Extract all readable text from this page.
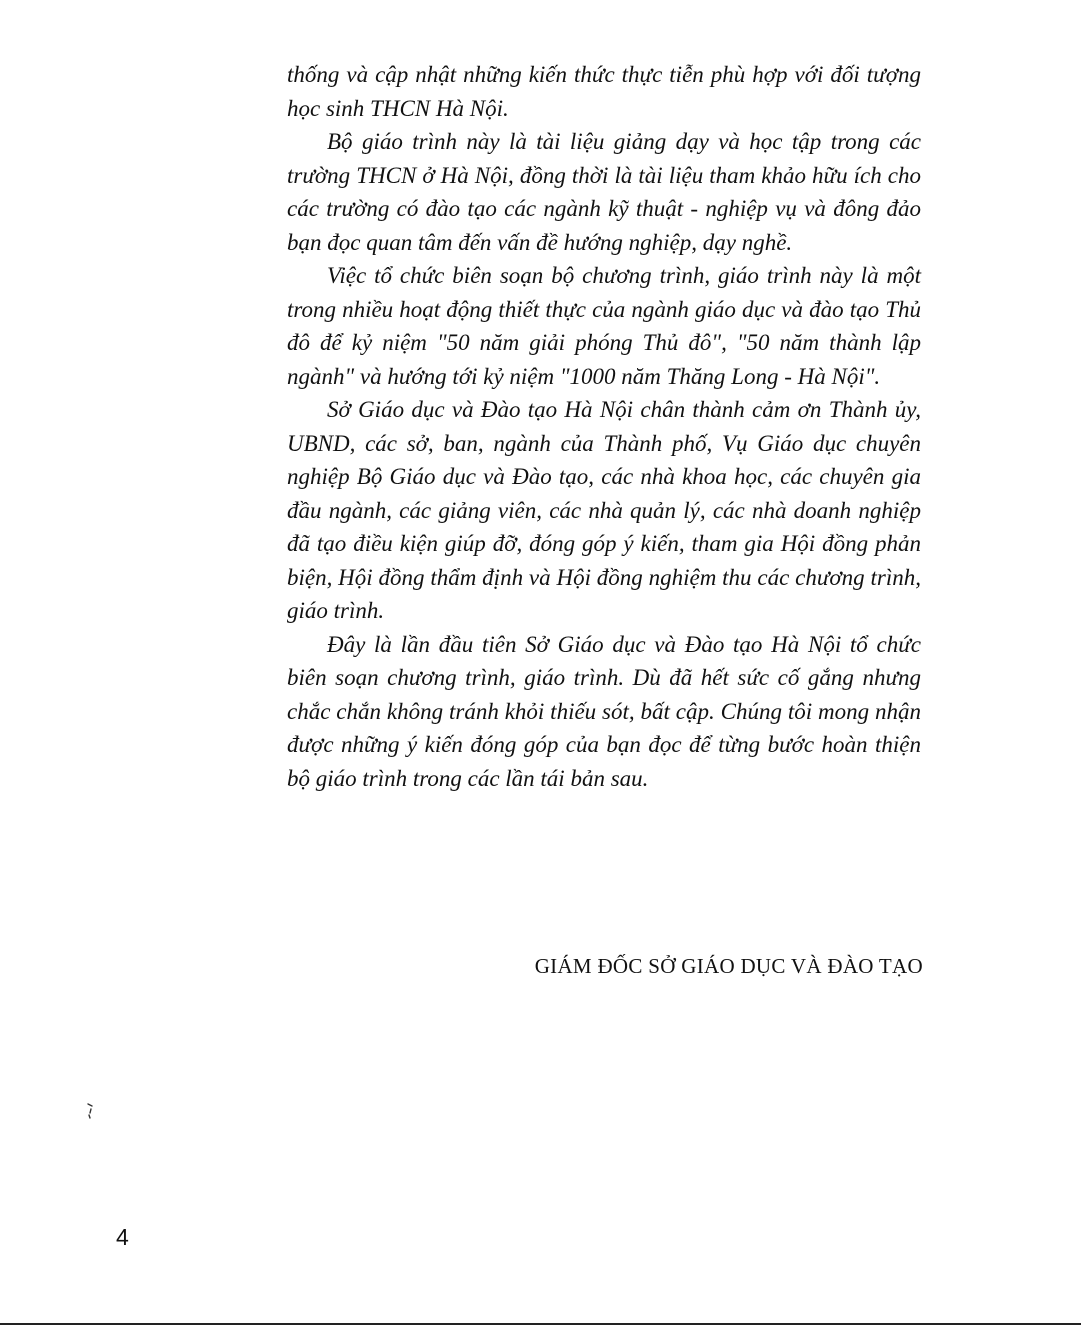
thống và cập nhật những kiến thức thực tiễn phù hợp với đối tượng học sinh THCN Hà Nội.

Bộ giáo trình này là tài liệu giảng dạy và học tập trong các trường THCN ở Hà Nội, đồng thời là tài liệu tham khảo hữu ích cho các trường có đào tạo các ngành kỹ thuật - nghiệp vụ và đông đảo bạn đọc quan tâm đến vấn đề hướng nghiệp, dạy nghề.

Việc tổ chức biên soạn bộ chương trình, giáo trình này là một trong nhiều hoạt động thiết thực của ngành giáo dục và đào tạo Thủ đô để kỷ niệm "50 năm giải phóng Thủ đô", "50 năm thành lập ngành" và hướng tới kỷ niệm "1000 năm Thăng Long - Hà Nội".

Sở Giáo dục và Đào tạo Hà Nội chân thành cảm ơn Thành ủy, UBND, các sở, ban, ngành của Thành phố, Vụ Giáo dục chuyên nghiệp Bộ Giáo dục và Đào tạo, các nhà khoa học, các chuyên gia đầu ngành, các giảng viên, các nhà quản lý, các nhà doanh nghiệp đã tạo điều kiện giúp đỡ, đóng góp ý kiến, tham gia Hội đồng phản biện, Hội đồng thẩm định và Hội đồng nghiệm thu các chương trình, giáo trình.

Đây là lần đầu tiên Sở Giáo dục và Đào tạo Hà Nội tổ chức biên soạn chương trình, giáo trình. Dù đã hết sức cố gắng nhưng chắc chắn không tránh khỏi thiếu sót, bất cập. Chúng tôi mong nhận được những ý kiến đóng góp của bạn đọc để từng bước hoàn thiện bộ giáo trình trong các lần tái bản sau.

GIÁM ĐỐC SỞ GIÁO DỤC VÀ ĐÀO TẠO
4
